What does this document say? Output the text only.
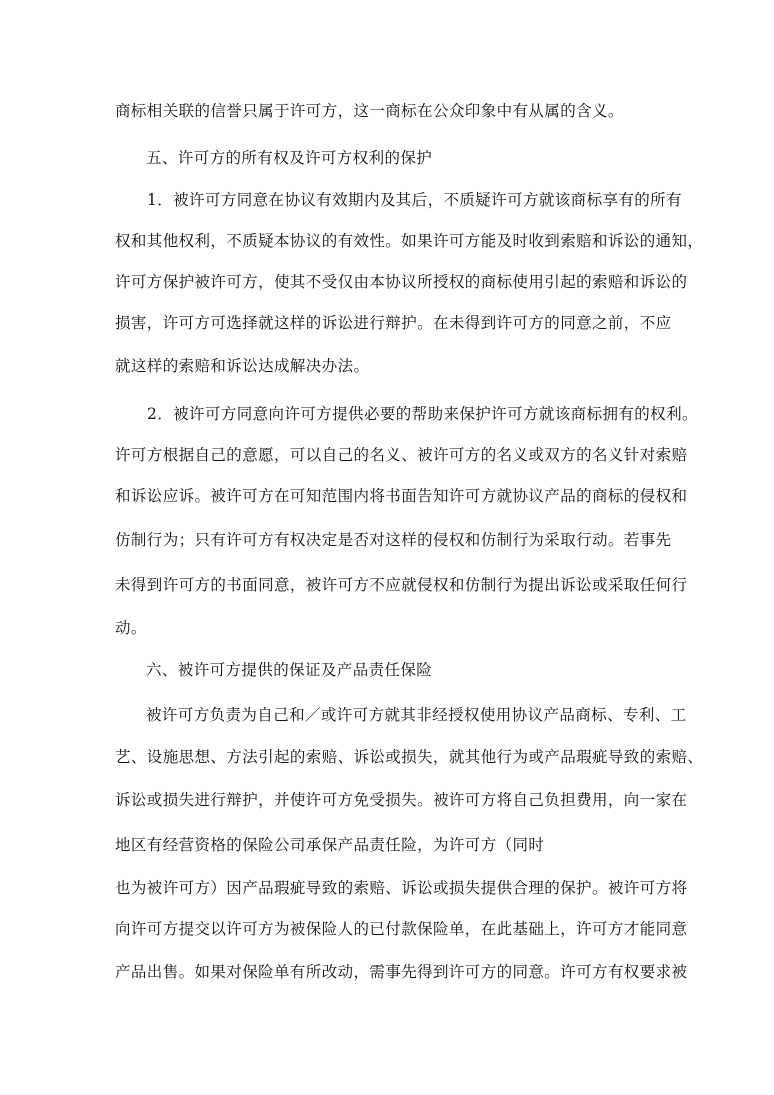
商标相关联的信誉只属于许可方，这一商标在公众印象中有从属的含义。
五、许可方的所有权及许可方权利的保护
1．被许可方同意在协议有效期内及其后，不质疑许可方就该商标享有的所有
权和其他权利，不质疑本协议的有效性。如果许可方能及时收到索赔和诉讼的通知，
许可方保护被许可方，使其不受仅由本协议所授权的商标使用引起的索赔和诉讼的
损害，许可方可选择就这样的诉讼进行辩护。在未得到许可方的同意之前，不应
就这样的索赔和诉讼达成解决办法。
2．被许可方同意向许可方提供必要的帮助来保护许可方就该商标拥有的权利。
许可方根据自己的意愿，可以自己的名义、被许可方的名义或双方的名义针对索赔
和诉讼应诉。被许可方在可知范围内将书面告知许可方就协议产品的商标的侵权和
仿制行为；只有许可方有权决定是否对这样的侵权和仿制行为采取行动。若事先
未得到许可方的书面同意，被许可方不应就侵权和仿制行为提出诉讼或采取任何行
动。
六、被许可方提供的保证及产品责任保险
被许可方负责为自己和／或许可方就其非经授权使用协议产品商标、专利、工
艺、设施思想、方法引起的索赔、诉讼或损失，就其他行为或产品瑕疵导致的索赔、
诉讼或损失进行辩护，并使许可方免受损失。被许可方将自己负担费用，向一家在
地区有经营资格的保险公司承保产品责任险，为许可方（同时
也为被许可方）因产品瑕疵导致的索赔、诉讼或损失提供合理的保护。被许可方将
向许可方提交以许可方为被保险人的已付款保险单，在此基础上，许可方才能同意
产品出售。如果对保险单有所改动，需事先得到许可方的同意。许可方有权要求被
